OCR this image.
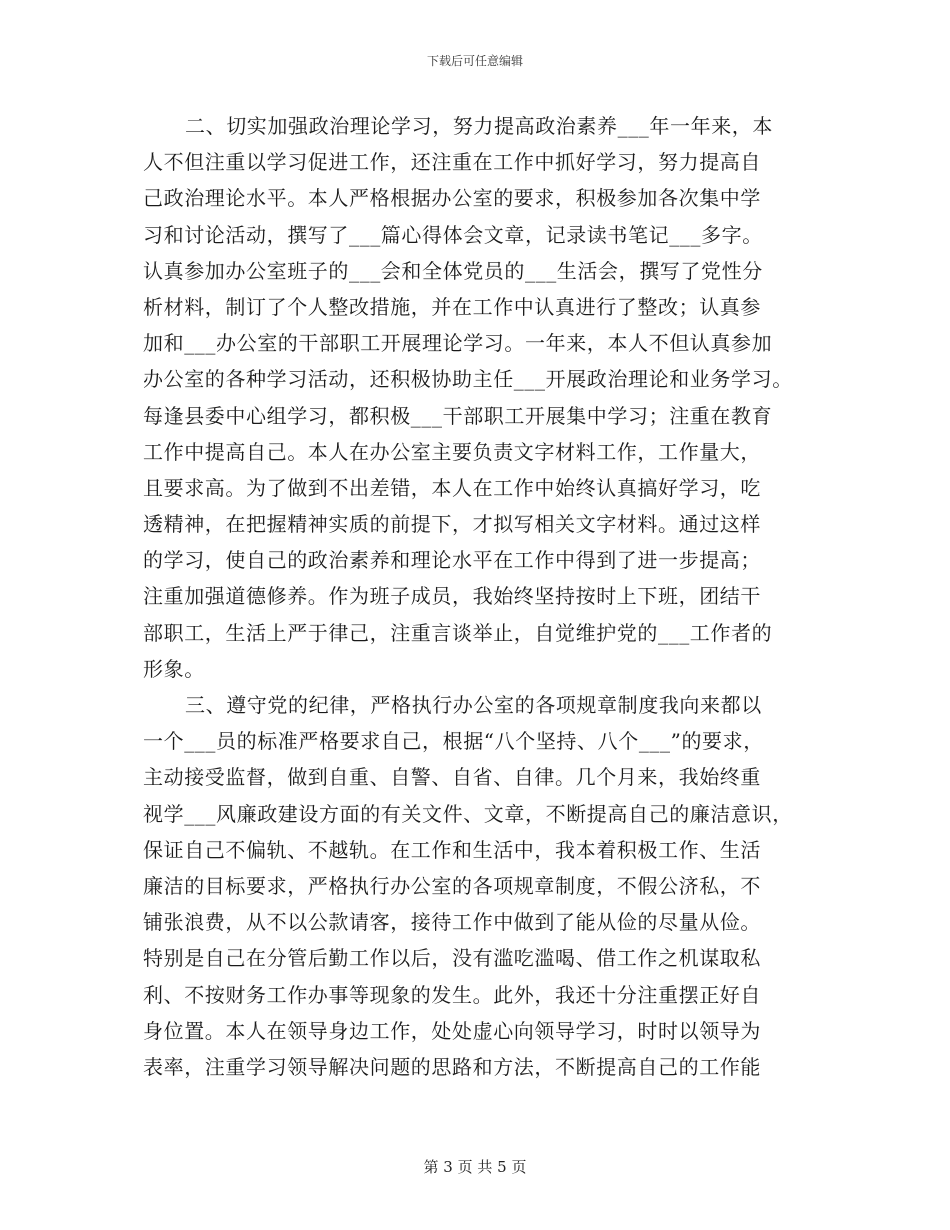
下载后可任意编辑
二、切实加强政治理论学习，努力提高政治素养___年一年来，本
人不但注重以学习促进工作，还注重在工作中抓好学习，努力提高自
己政治理论水平。本人严格根据办公室的要求，积极参加各次集中学
习和讨论活动，撰写了___篇心得体会文章，记录读书笔记___多字。
认真参加办公室班子的___会和全体党员的___生活会，撰写了党性分
析材料，制订了个人整改措施，并在工作中认真进行了整改；认真参
加和___办公室的干部职工开展理论学习。一年来，本人不但认真参加
办公室的各种学习活动，还积极协助主任___开展政治理论和业务学习。
每逢县委中心组学习，都积极___干部职工开展集中学习；注重在教育
工作中提高自己。本人在办公室主要负责文字材料工作，工作量大，
且要求高。为了做到不出差错，本人在工作中始终认真搞好学习，吃
透精神，在把握精神实质的前提下，才拟写相关文字材料。通过这样
的学习，使自己的政治素养和理论水平在工作中得到了进一步提高；
注重加强道德修养。作为班子成员，我始终坚持按时上下班，团结干
部职工，生活上严于律己，注重言谈举止，自觉维护党的___工作者的
形象。
三、遵守党的纪律，严格执行办公室的各项规章制度我向来都以
一个___员的标准严格要求自己，根据“八个坚持、八个___”的要求，
主动接受监督，做到自重、自警、自省、自律。几个月来，我始终重
视学___风廉政建设方面的有关文件、文章，不断提高自己的廉洁意识，
保证自己不偏轨、不越轨。在工作和生活中，我本着积极工作、生活
廉洁的目标要求，严格执行办公室的各项规章制度，不假公济私，不
铺张浪费，从不以公款请客，接待工作中做到了能从俭的尽量从俭。
特别是自己在分管后勤工作以后，没有滥吃滥喝、借工作之机谋取私
利、不按财务工作办事等现象的发生。此外，我还十分注重摆正好自
身位置。本人在领导身边工作，处处虚心向领导学习，时时以领导为
表率，注重学习领导解决问题的思路和方法，不断提高自己的工作能
第 3 页 共 5 页
